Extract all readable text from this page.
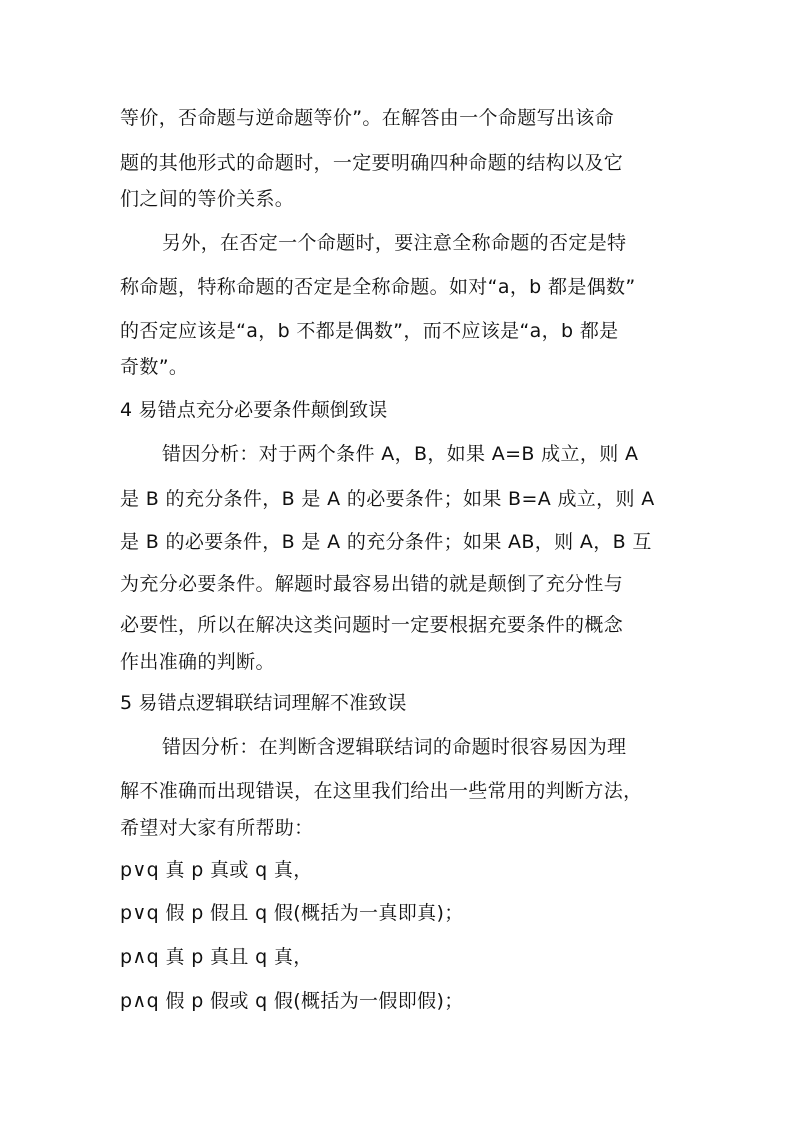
等价，否命题与逆命题等价”。在解答由一个命题写出该命
题的其他形式的命题时，一定要明确四种命题的结构以及它
们之间的等价关系。
另外，在否定一个命题时，要注意全称命题的否定是特
称命题，特称命题的否定是全称命题。如对“a，b 都是偶数”
的否定应该是“a，b 不都是偶数”，而不应该是“a，b 都是
奇数”。
4 易错点充分必要条件颠倒致误
错因分析：对于两个条件 A，B，如果 A=B 成立，则 A
是 B 的充分条件，B 是 A 的必要条件；如果 B=A 成立，则 A
是 B 的必要条件，B 是 A 的充分条件；如果 AB，则 A，B 互
为充分必要条件。解题时最容易出错的就是颠倒了充分性与
必要性，所以在解决这类问题时一定要根据充要条件的概念
作出准确的判断。
5 易错点逻辑联结词理解不准致误
错因分析：在判断含逻辑联结词的命题时很容易因为理
解不准确而出现错误，在这里我们给出一些常用的判断方法，
希望对大家有所帮助：
p∨q 真 p 真或 q 真，
p∨q 假 p 假且 q 假(概括为一真即真)；
p∧q 真 p 真且 q 真，
p∧q 假 p 假或 q 假(概括为一假即假)；
